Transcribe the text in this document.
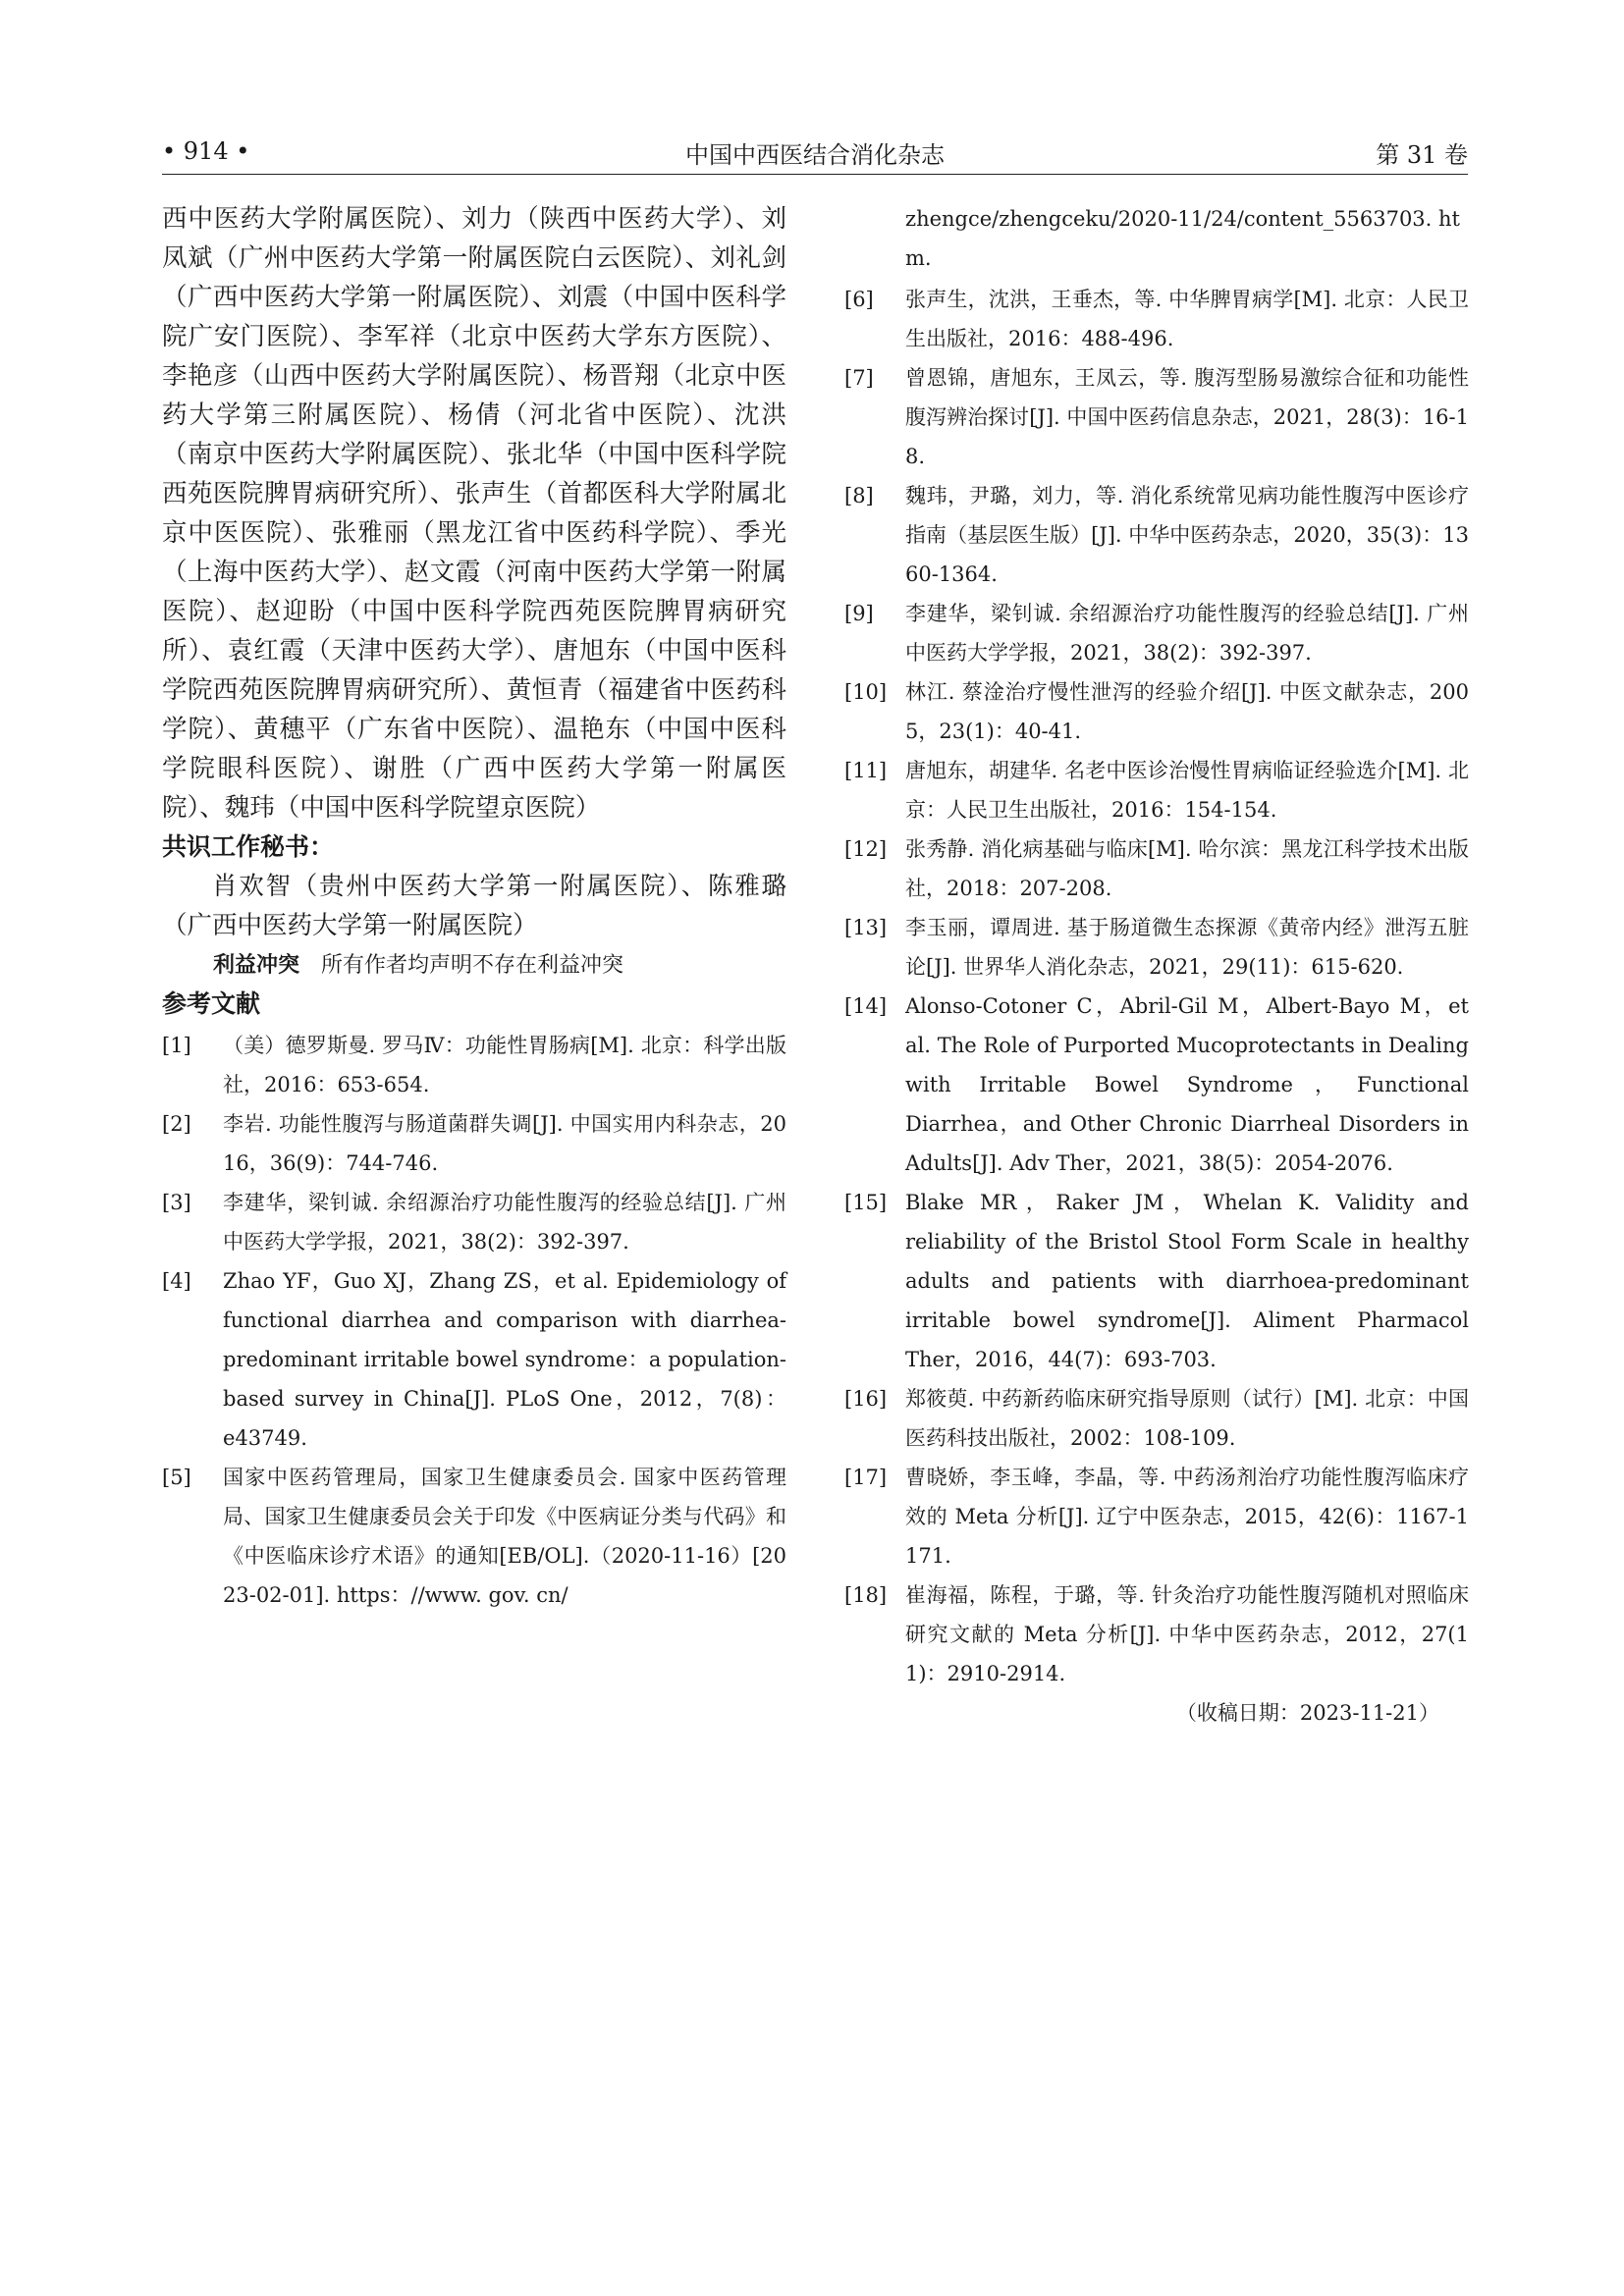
• 914 •	中国中西医结合消化杂志	第 31 卷

西中医药大学附属医院）、刘力（陕西中医药大学）、刘凤斌（广州中医药大学第一附属医院白云医院）、刘礼剑（广西中医药大学第一附属医院）、刘震（中国中医科学院广安门医院）、李军祥（北京中医药大学东方医院）、李艳彦（山西中医药大学附属医院）、杨晋翔（北京中医药大学第三附属医院）、杨倩（河北省中医院）、沈洪（南京中医药大学附属医院）、张北华（中国中医科学院西苑医院脾胃病研究所）、张声生（首都医科大学附属北京中医医院）、张雅丽（黑龙江省中医药科学院）、季光（上海中医药大学）、赵文霞（河南中医药大学第一附属医院）、赵迎盼（中国中医科学院西苑医院脾胃病研究所）、袁红霞（天津中医药大学）、唐旭东（中国中医科学院西苑医院脾胃病研究所）、黄恒青（福建省中医药科学院）、黄穗平（广东省中医院）、温艳东（中国中医科学院眼科医院）、谢胜（广西中医药大学第一附属医院）、魏玮（中国中医科学院望京医院）

共识工作秘书：

肖欢智（贵州中医药大学第一附属医院）、陈雅璐（广西中医药大学第一附属医院）

利益冲突 所有作者均声明不存在利益冲突

参考文献
[1]	（美）德罗斯曼. 罗马Ⅳ：功能性胃肠病[M]. 北京：科学出版社，2016：653-654.
[2]	李岩. 功能性腹泻与肠道菌群失调[J]. 中国实用内科杂志，2016，36(9)：744-746.
[3]	李建华，梁钊诚. 余绍源治疗功能性腹泻的经验总结[J]. 广州中医药大学学报，2021，38(2)：392-397.
[4]	Zhao YF，Guo XJ，Zhang ZS，et al. Epidemiology of functional diarrhea and comparison with diarrhea-predominant irritable bowel syndrome：a population-based survey in China[J]. PLoS One，2012，7(8)：e43749.
[5]	国家中医药管理局，国家卫生健康委员会. 国家中医药管理局、国家卫生健康委员会关于印发《中医病证分类与代码》和《中医临床诊疗术语》的通知[EB/OL].（2020-11-16）[2023-02-01]. https：//www. gov. cn/
zhengce/zhengceku/2020-11/24/content_5563703. htm.
[6]	张声生，沈洪，王垂杰，等. 中华脾胃病学[M]. 北京：人民卫生出版社，2016：488-496.
[7]	曾恩锦，唐旭东，王凤云，等. 腹泻型肠易激综合征和功能性腹泻辨治探讨[J]. 中国中医药信息杂志，2021，28(3)：16-18.
[8]	魏玮，尹璐，刘力，等. 消化系统常见病功能性腹泻中医诊疗指南（基层医生版）[J]. 中华中医药杂志，2020，35(3)：1360-1364.
[9]	李建华，梁钊诚. 余绍源治疗功能性腹泻的经验总结[J]. 广州中医药大学学报，2021，38(2)：392-397.
[10] 林江. 蔡淦治疗慢性泄泻的经验介绍[J]. 中医文献杂志，2005，23(1)：40-41.
[11] 唐旭东，胡建华. 名老中医诊治慢性胃病临证经验选介[M]. 北京：人民卫生出版社，2016：154-154.
[12] 张秀静. 消化病基础与临床[M]. 哈尔滨：黑龙江科学技术出版社，2018：207-208.
[13] 李玉丽，谭周进. 基于肠道微生态探源《黄帝内经》泄泻五脏论[J]. 世界华人消化杂志，2021，29(11)：615-620.
[14] Alonso-Cotoner C，Abril-Gil M，Albert-Bayo M，et al. The Role of Purported Mucoprotectants in Dealing with Irritable Bowel Syndrome，Functional Diarrhea，and Other Chronic Diarrheal Disorders in Adults[J]. Adv Ther，2021，38(5)：2054-2076.
[15] Blake MR，Raker JM，Whelan K. Validity and reliability of the Bristol Stool Form Scale in healthy adults and patients with diarrhoea-predominant irritable bowel syndrome[J]. Aliment Pharmacol Ther，2016，44(7)：693-703.
[16] 郑筱萸. 中药新药临床研究指导原则（试行）[M]. 北京：中国医药科技出版社，2002：108-109.
[17] 曹晓娇，李玉峰，李晶，等. 中药汤剂治疗功能性腹泻临床疗效的 Meta 分析[J]. 辽宁中医杂志，2015，42(6)：1167-1171.
[18] 崔海福，陈程，于璐，等. 针灸治疗功能性腹泻随机对照临床研究文献的 Meta 分析[J]. 中华中医药杂志，2012，27(11)：2910-2914.

（收稿日期：2023-11-21）
